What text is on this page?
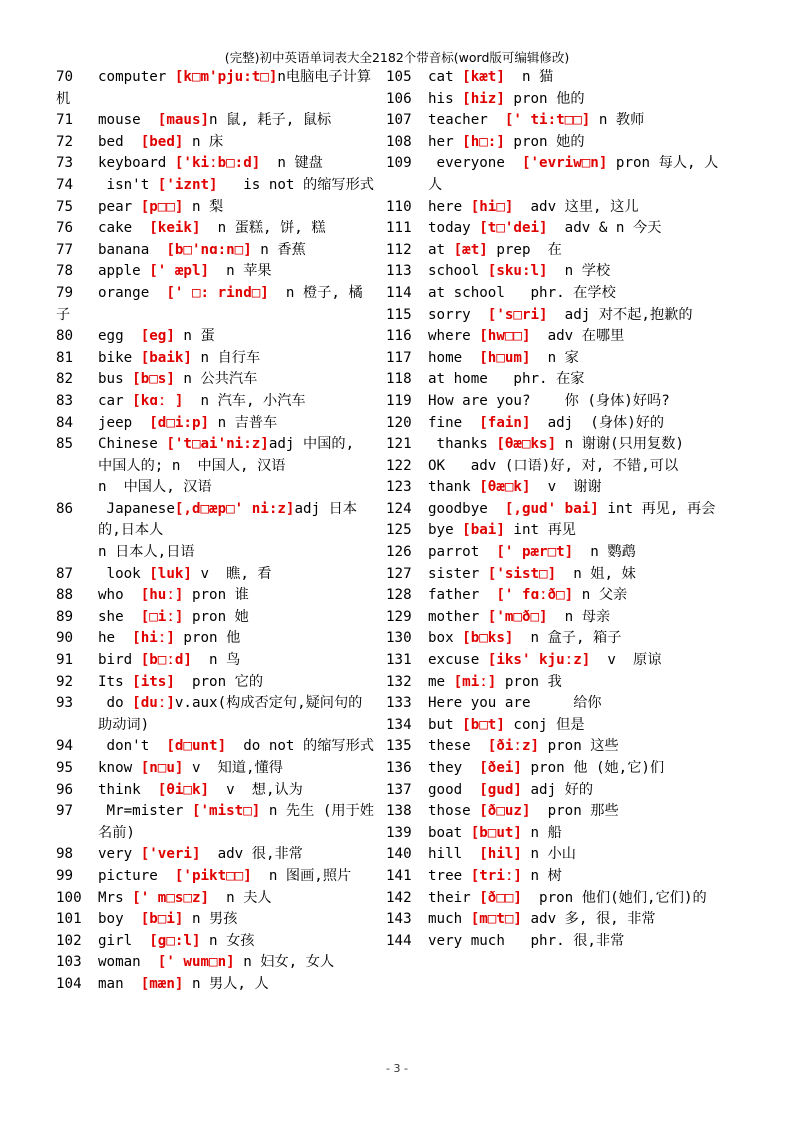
(完整)初中英语单词表大全2182个带音标(word版可编辑修改)
70 computer [k□m'pju:t□]n电脑电子计算机
71 mouse  [maus]n 鼠, 耗子, 鼠标
72 bed  [bed] n 床
73 keyboard ['kiːb□:d]  n 键盘
74 isn't ['iznt]   is not 的缩写形式
75 pear [p□□] n 梨
76 cake  [keik]  n 蛋糕, 饼, 糕
77 banana  [b□'nɑ:n□] n 香蕉
78 apple [' æpl]  n 苹果
79 orange  [' □: rind□]  n 橙子, 橘子
80 egg  [eg] n 蛋
81 bike [baik] n 自行车
82 bus [b□s] n 公共汽车
83 car [kɑː ]  n 汽车, 小汽车
84 jeep  [d□i:p] n 吉普车
85 Chinese ['t□ai'ni:z]adj 中国的, 中国人的; n  中国人, 汉语
n  中国人, 汉语
86 Japanese[,d□æp□' ni:z]adj 日本的,日本人
n 日本人,日语
87 look [luk] v  瞧, 看
88 who  [huː] pron 谁
89 she  [□iː] pron 她
90 he  [hiː] pron 他
91 bird [b□ːd]  n 鸟
92 Its [its]  pron 它的
93 do [duː]v.aux(构成否定句,疑问句的助动词)
94 don't  [d□unt]  do not 的缩写形式
95 know [n□u] v  知道,懂得
96 think  [θi□k]  v  想,认为
97 Mr=mister ['mist□] n 先生 (用于姓名前)
98 very ['veri]  adv 很,非常
99 picture  ['pikt□□]  n 图画,照片
100 Mrs [' m□s□z]  n 夫人
101 boy  [b□i] n 男孩
102 girl  [g□:l] n 女孩
103 woman  [' wum□n] n 妇女, 女人
104 man  [mæn] n 男人, 人
105 cat [kæt]  n 猫
106 his [hiz] pron 他的
107 teacher  [' ti:t□□] n 教师
108 her [h□:] pron 她的
109 everyone  ['evriw□n] pron 每人, 人人
110 here [hi□]  adv 这里, 这儿
111 today [t□'dei]  adv & n 今天
112 at [æt] prep  在
113 school [sku:l]  n 学校
114 at school   phr. 在学校
115 sorry  ['s□ri]  adj 对不起,抱歉的
116 where [hw□□]  adv 在哪里
117 home  [h□um]  n 家
118 at home   phr. 在家
119 How are you?    你 (身体)好吗?
120 fine  [fain]  adj  (身体)好的
121 thanks [θæ□ks] n 谢谢(只用复数)
122 OK   adv (口语)好, 对, 不错,可以
123 thank [θæ□k]  v  谢谢
124 goodbye  [,gud' bai] int 再见, 再会
125 bye [bai] int 再见
126 parrot  [' pær□t]  n 鹦鹉
127 sister ['sist□]  n 姐, 妹
128 father  [' fɑːð□] n 父亲
129 mother ['m□ð□]  n 母亲
130 box [b□ks]  n 盒子, 箱子
131 excuse [iks' kjuːz]  v  原谅
132 me [miː] pron 我
133 Here you are     给你
134 but [b□t] conj 但是
135 these  [ðiːz] pron 这些
136 they  [ðei] pron 他 (她,它)们
137 good  [gud] adj 好的
138 those [ð□uz]  pron 那些
139 boat [b□ut] n 船
140 hill  [hil] n 小山
141 tree [triː] n 树
142 their [ð□□]  pron 他们(她们,它们)的
143 much [m□t□] adv 多, 很, 非常
144 very much   phr. 很,非常
- 3 -
